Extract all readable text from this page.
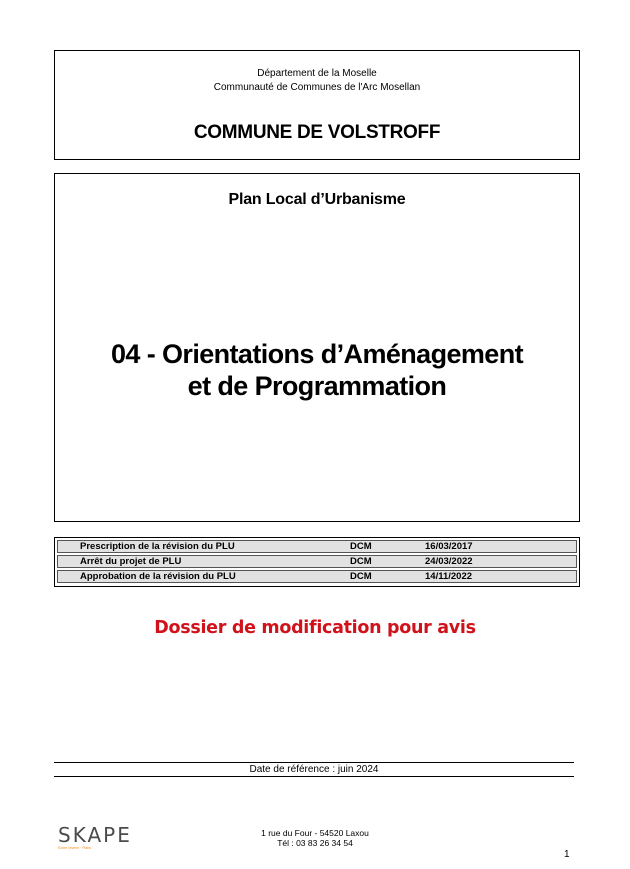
Département de la Moselle
Communauté de Communes de l'Arc Mosellan
COMMUNE DE VOLSTROFF
Plan Local d’Urbanisme
04 - Orientations d’Aménagement
et de Programmation
Prescription de la révision du PLU	DCM	16/03/2017
Arrêt du projet de PLU	DCM	24/03/2022
Approbation de la révision du PLU	DCM	14/11/2022
Dossier de modification pour avis
Date de référence : juin 2024
SKAPE
Ecrire l'avenir · Plans
1 rue du Four - 54520 Laxou
Tél : 03 83 26 34 54
1
